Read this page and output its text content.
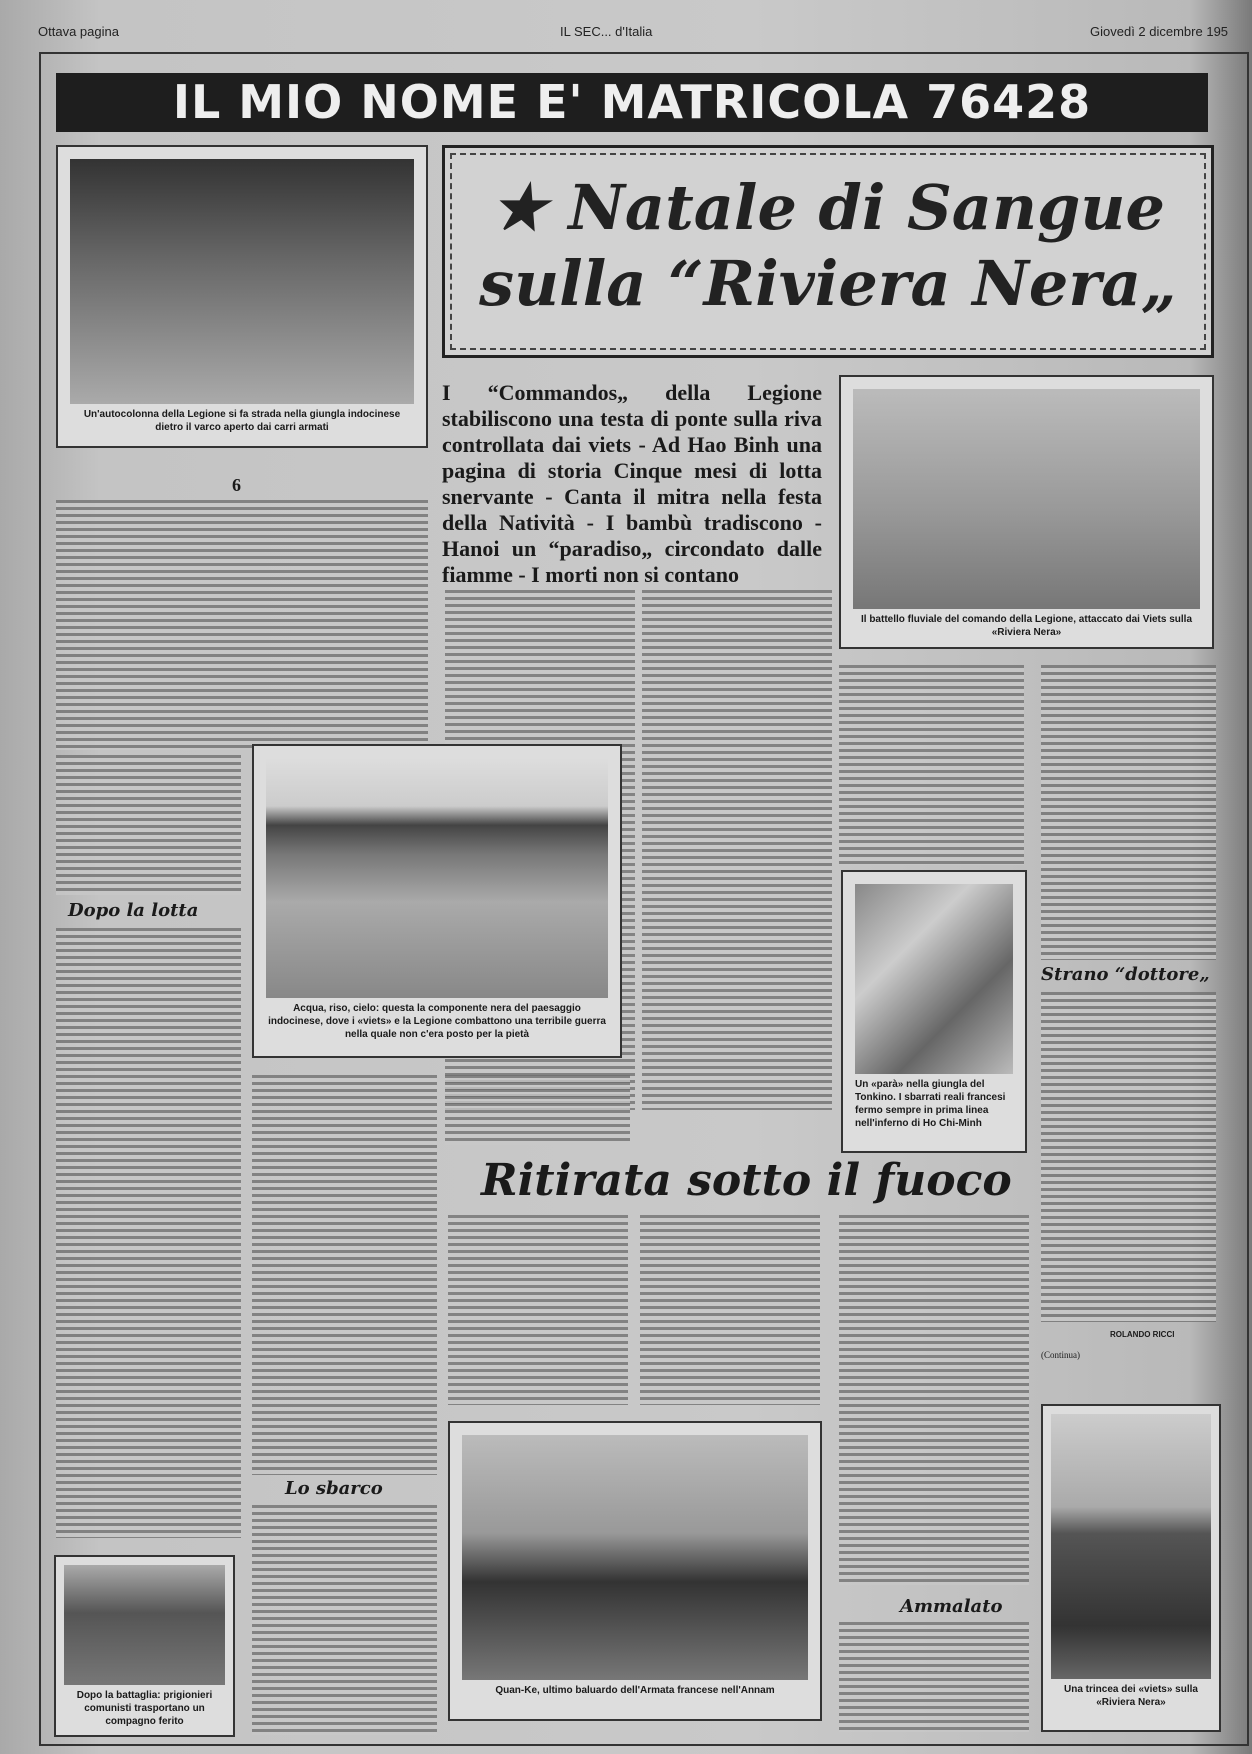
Ottava pagina	IL SEC... d'Italia	Giovedì 2 dicembre 195
IL MIO NOME E' MATRICOLA 76428
Un'autocolonna della Legione si fa strada nella giungla indocinese dietro il varco aperto dai carri armati
★ Natale di Sangue
sulla “Riviera Nera„
I “Commandos„ della Legione stabiliscono una testa di ponte sulla riva controllata dai viets - Ad Hao Binh una pagina di storia Cinque mesi di lotta snervante - Canta il mitra nella festa della Natività - I bambù tradiscono - Hanoi un “paradiso„ circondato dalle fiamme - I morti non si contano
Il battello fluviale del comando della Legione, attaccato dai Viets sulla «Riviera Nera»
6
Dopo la lotta
Acqua, riso, cielo: questa la componente nera del paesaggio indocinese, dove i «viets» e la Legione combattono una terribile guerra nella quale non c'era posto per la pietà
Un «parà» nella giungla del Tonkino. I sbarrati reali francesi fermo sempre in prima linea nell'inferno di Ho Chi-Minh
Strano “dottore„
ROLANDO RICCI
(Continua)
Ritirata sotto il fuoco
Lo sbarco
Dopo la battaglia: prigionieri comunisti trasportano un compagno ferito
Quan-Ke, ultimo baluardo dell'Armata francese nell'Annam
Ammalato
Una trincea dei «viets» sulla «Riviera Nera»
